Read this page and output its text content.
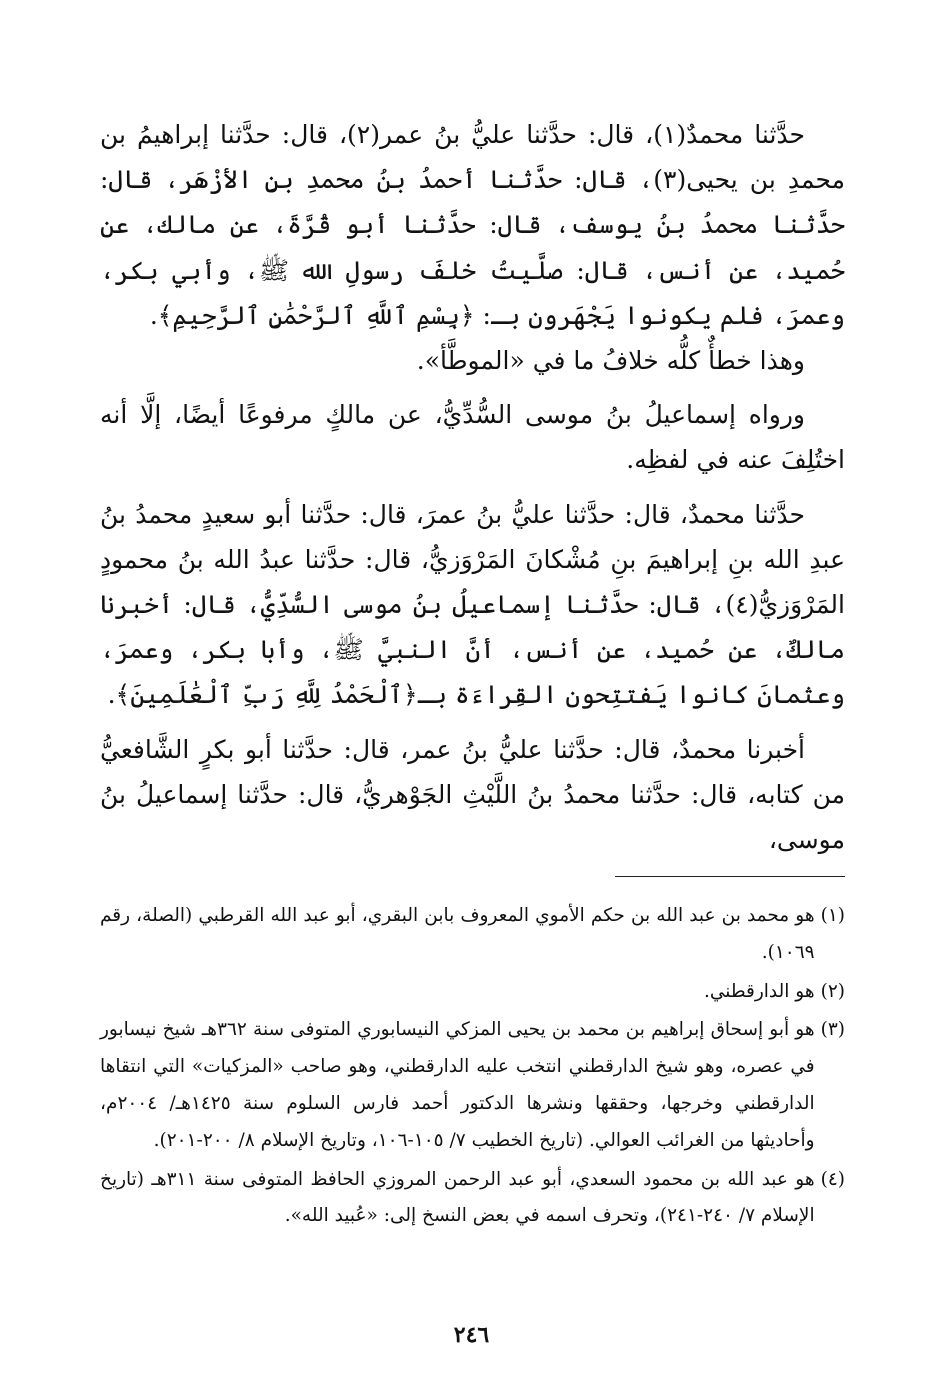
حدَّثنا محمدٌ(١)، قال: حدَّثنا عليُّ بنُ عمر(٢)، قال: حدَّثنا إبراهيمُ بن محمدِ بن يحيى(٣)، قال: حدَّثنا أحمدُ بنُ محمدِ بنِ الأزْهَر، قال: حدَّثنا محمدُ بنُ يوسف، قال: حدَّثنا أبو قُرَّةَ، عن مالك، عن حُميد، عن أنس، قال: صلَّيتُ خلفَ رسولِ الله ﷺ، وأبي بكر، وعمرَ، فلم يكونوا يَجْهَرون بـ: ﴿بِسْمِ ٱللَّهِ ٱلرَّحْمَٰنِ ٱلرَّحِيمِ﴾.

وهذا خطأٌ كلُّه خلافُ ما في «الموطَّأ».

ورواه إسماعيلُ بنُ موسى السُّدِّيُّ، عن مالكٍ مرفوعًا أيضًا، إلَّا أنه اختُلِفَ عنه في لفظِه.

حدَّثنا محمدٌ، قال: حدَّثنا عليُّ بنُ عمرَ، قال: حدَّثنا أبو سعيدٍ محمدُ بنُ عبدِ الله بنِ إبراهيمَ بنِ مُشْكانَ المَرْوَزيُّ، قال: حدَّثنا عبدُ الله بنُ محمودٍ المَرْوَزيُّ(٤)، قال: حدَّثنا إسماعيلُ بنُ موسى السُّدِّيُّ، قال: أخبرنا مالكٌ، عن حُميد، عن أنس، أنَّ النبيَّ ﷺ، وأبا بكر، وعمرَ، وعثمانَ كانوا يَفتتِحون القِراءَة بـ﴿ٱلْحَمْدُ لِلَّهِ رَبِّ ٱلْعَٰلَمِينَ﴾.

أخبرنا محمدٌ، قال: حدَّثنا عليُّ بنُ عمر، قال: حدَّثنا أبو بكرٍ الشَّافعيُّ من كتابه، قال: حدَّثنا محمدُ بنُ اللَّيْثِ الجَوْهريُّ، قال: حدَّثنا إسماعيلُ بنُ موسى،

(١)
هو محمد بن عبد الله بن حكم الأموي المعروف بابن البقري، أبو عبد الله القرطبي (الصلة، رقم ١٠٦٩).
(٢)
هو الدارقطني.
(٣)
هو أبو إسحاق إبراهيم بن محمد بن يحيى المزكي النيسابوري المتوفى سنة ٣٦٢هـ شيخ نيسابور في عصره، وهو شيخ الدارقطني انتخب عليه الدارقطني، وهو صاحب «المزكيات» التي انتقاها الدارقطني وخرجها، وحققها ونشرها الدكتور أحمد فارس السلوم سنة ١٤٢٥هـ/ ٢٠٠٤م، وأحاديثها من الغرائب العوالي. (تاريخ الخطيب ٧/ ١٠٥-١٠٦، وتاريخ الإسلام ٨/ ٢٠٠-٢٠١).
(٤)
هو عبد الله بن محمود السعدي، أبو عبد الرحمن المروزي الحافظ المتوفى سنة ٣١١هـ (تاريخ الإسلام ٧/ ٢٤٠-٢٤١)، وتحرف اسمه في بعض النسخ إلى: «عُبيد الله».
٢٤٦
